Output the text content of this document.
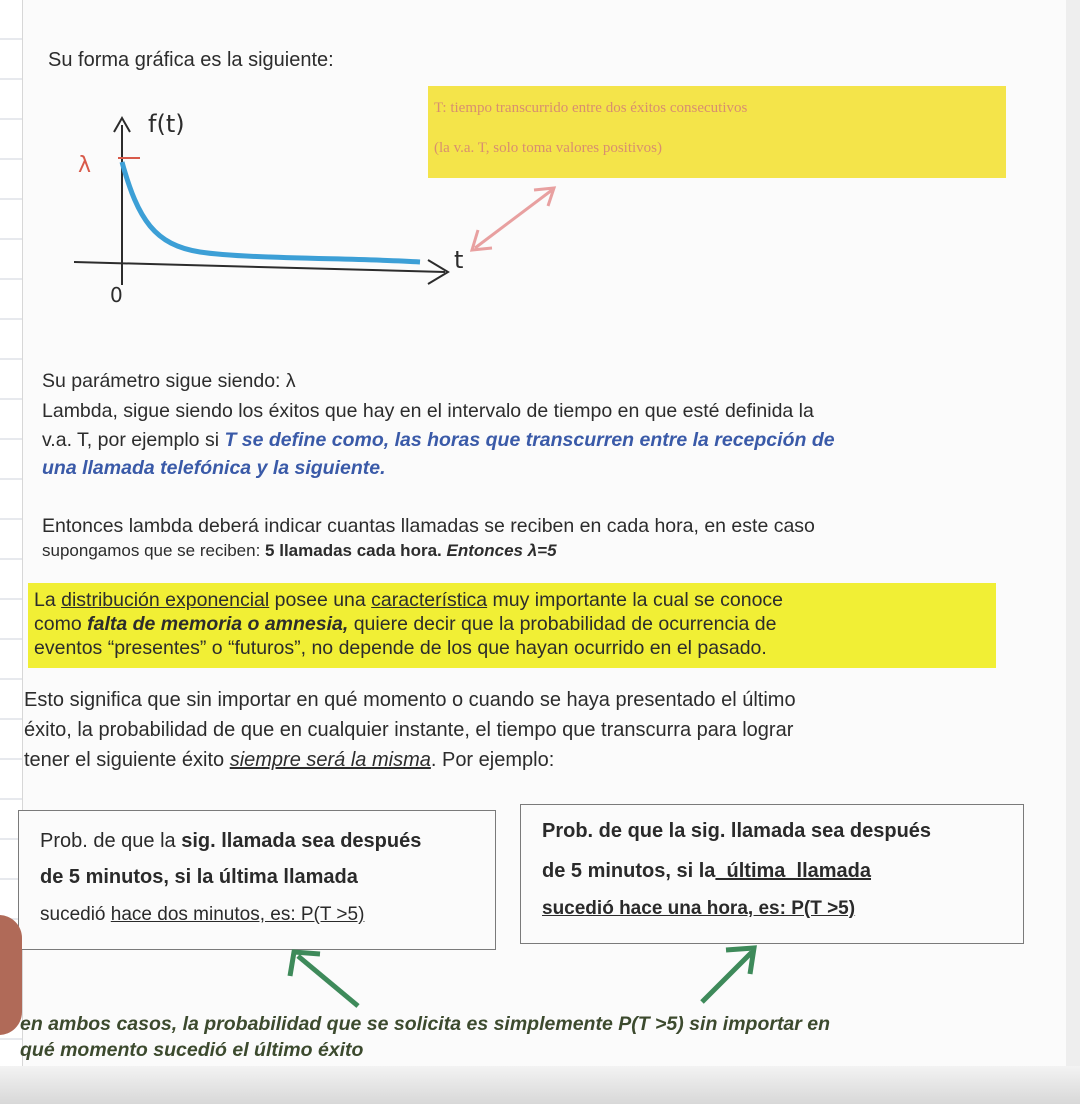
Su forma gráfica es la siguiente:
λ
f(t)
t
0
T: tiempo transcurrido entre dos éxitos consecutivos
(la v.a. T, solo toma valores positivos)
Su parámetro sigue siendo: λ
Lambda, sigue siendo los éxitos que hay en el intervalo de tiempo en que esté definida la
v.a. T, por ejemplo si T se define como, las horas que transcurren entre la recepción de
una llamada telefónica y la siguiente.
Entonces lambda deberá indicar cuantas llamadas se reciben en cada hora, en este caso
supongamos que se reciben: 5 llamadas cada hora. Entonces λ=5
La distribución exponencial posee una característica muy importante la cual se conoce
como falta de memoria o amnesia, quiere decir que la probabilidad de ocurrencia de
eventos “presentes” o “futuros”, no depende de los que hayan ocurrido en el pasado.
Esto significa que sin importar en qué momento o cuando se haya presentado el último
éxito, la probabilidad de que en cualquier instante, el tiempo que transcurra para lograr
tener el siguiente éxito siempre será la misma. Por ejemplo:
Prob. de que la sig. llamada sea después
de 5 minutos, si la última llamada
sucedió hace dos minutos, es: P(T >5)
Prob. de que la sig. llamada sea después
de 5 minutos, si la  última  llamada
sucedió hace una hora, es: P(T >5)
en ambos casos, la probabilidad que se solicita es simplemente P(T >5) sin importar en
qué momento sucedió el último éxito
